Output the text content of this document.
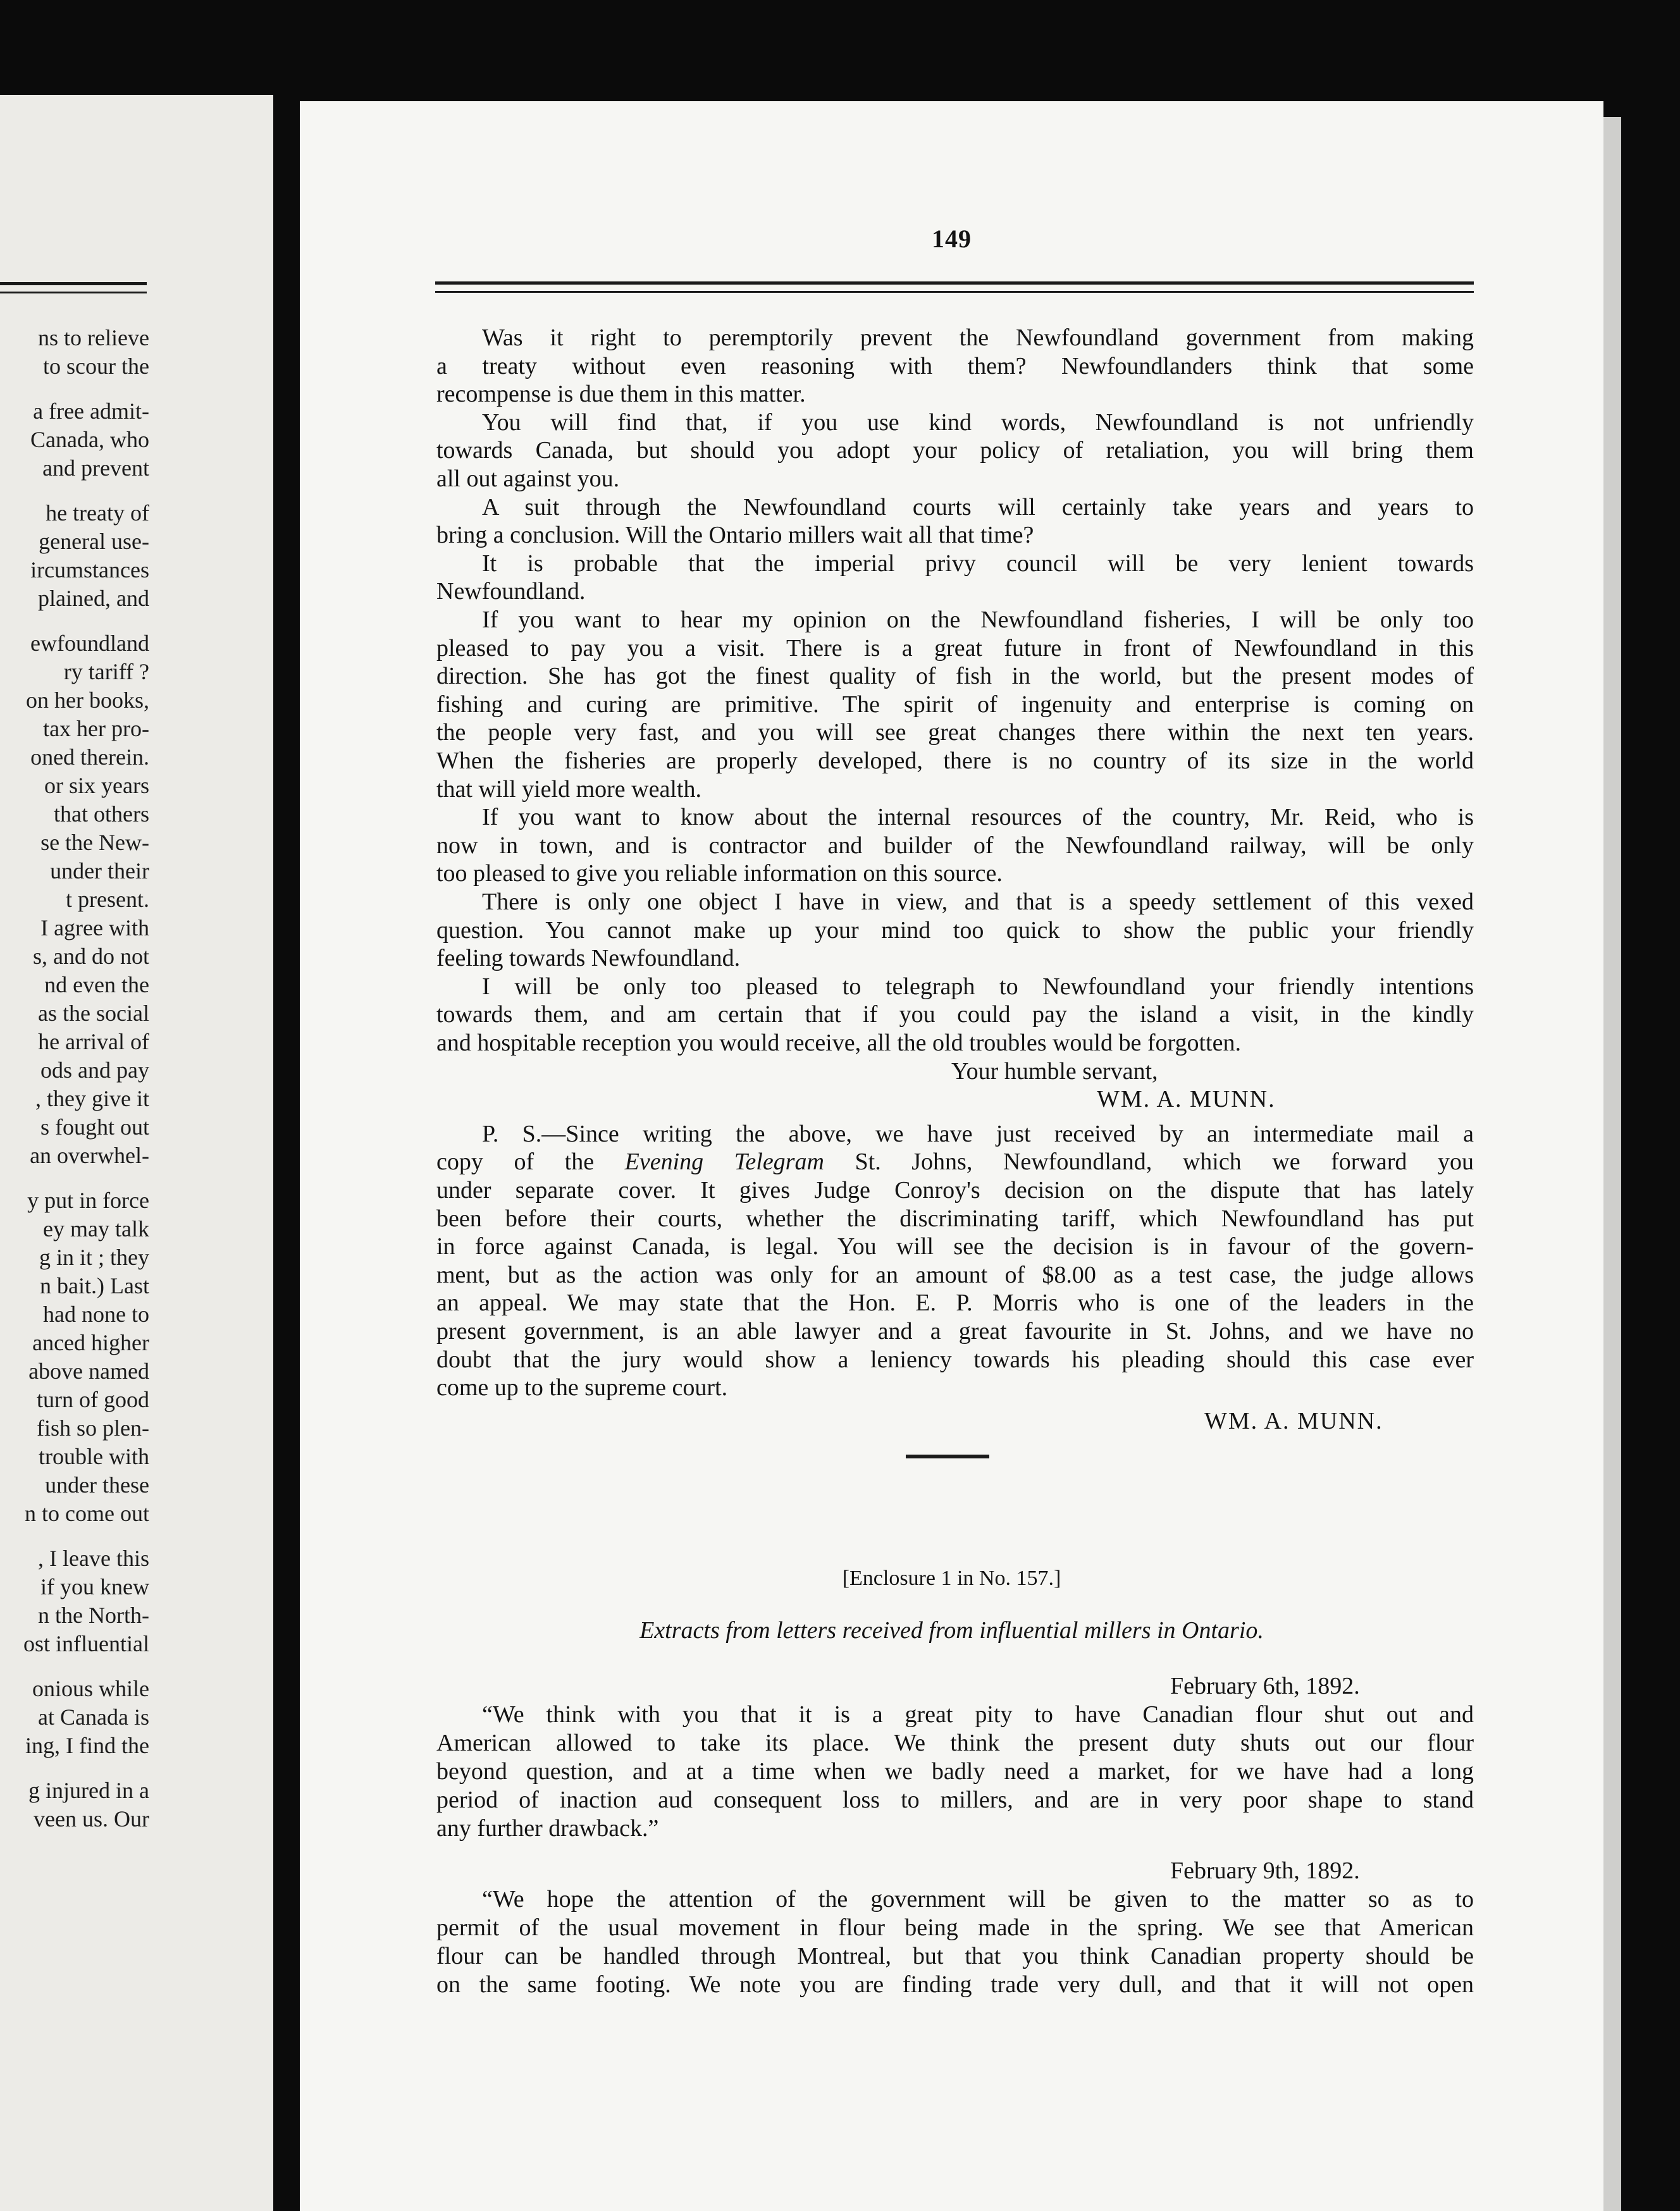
ns to relieve
to scour the
a free admit-
Canada, who
and prevent
he treaty of
general use-
ircumstances
plained, and
ewfoundland
ry tariff ?
on her books,
tax her pro-
oned therein.
or six years
that others
se the New-
under their
t present.
I agree with
s, and do not
nd even the
as the social
he arrival of
ods and pay
, they give it
s fought out
an overwhel-
y put in force
ey may talk
g in it ; they
n bait.) Last
had none to
anced higher
above named
turn of good
fish so plen-
trouble with
under these
n to come out
, I leave this
if you knew
n the North-
ost influential
onious while
at Canada is
ing, I find the
g injured in a
veen us. Our
149
Was it right to peremptorily prevent the Newfoundland government from making
a treaty without even reasoning with them? Newfoundlanders think that some
recompense is due them in this matter.
You will find that, if you use kind words, Newfoundland is not unfriendly
towards Canada, but should you adopt your policy of retaliation, you will bring them
all out against you.
A suit through the Newfoundland courts will certainly take years and years to
bring a conclusion. Will the Ontario millers wait all that time?
It is probable that the imperial privy council will be very lenient towards
Newfoundland.
If you want to hear my opinion on the Newfoundland fisheries, I will be only too
pleased to pay you a visit. There is a great future in front of Newfoundland in this
direction. She has got the finest quality of fish in the world, but the present modes of
fishing and curing are primitive. The spirit of ingenuity and enterprise is coming on
the people very fast, and you will see great changes there within the next ten years.
When the fisheries are properly developed, there is no country of its size in the world
that will yield more wealth.
If you want to know about the internal resources of the country, Mr. Reid, who is
now in town, and is contractor and builder of the Newfoundland railway, will be only
too pleased to give you reliable information on this source.
There is only one object I have in view, and that is a speedy settlement of this vexed
question. You cannot make up your mind too quick to show the public your friendly
feeling towards Newfoundland.
I will be only too pleased to telegraph to Newfoundland your friendly intentions
towards them, and am certain that if you could pay the island a visit, in the kindly
and hospitable reception you would receive, all the old troubles would be forgotten.
Your humble servant,
WM. A. MUNN.
P. S.—Since writing the above, we have just received by an intermediate mail a
copy of the Evening Telegram St. Johns, Newfoundland, which we forward you
under separate cover. It gives Judge Conroy's decision on the dispute that has lately
been before their courts, whether the discriminating tariff, which Newfoundland has put
in force against Canada, is legal. You will see the decision is in favour of the govern-
ment, but as the action was only for an amount of $8.00 as a test case, the judge allows
an appeal. We may state that the Hon. E. P. Morris who is one of the leaders in the
present government, is an able lawyer and a great favourite in St. Johns, and we have no
doubt that the jury would show a leniency towards his pleading should this case ever
come up to the supreme court.
WM. A. MUNN.
[Enclosure 1 in No. 157.]
Extracts from letters received from influential millers in Ontario.
February 6th, 1892.
“We think with you that it is a great pity to have Canadian flour shut out and
American allowed to take its place. We think the present duty shuts out our flour
beyond question, and at a time when we badly need a market, for we have had a long
period of inaction aud consequent loss to millers, and are in very poor shape to stand
any further drawback.”
February 9th, 1892.
“We hope the attention of the government will be given to the matter so as to
permit of the usual movement in flour being made in the spring. We see that American
flour can be handled through Montreal, but that you think Canadian property should be
on the same footing. We note you are finding trade very dull, and that it will not open
